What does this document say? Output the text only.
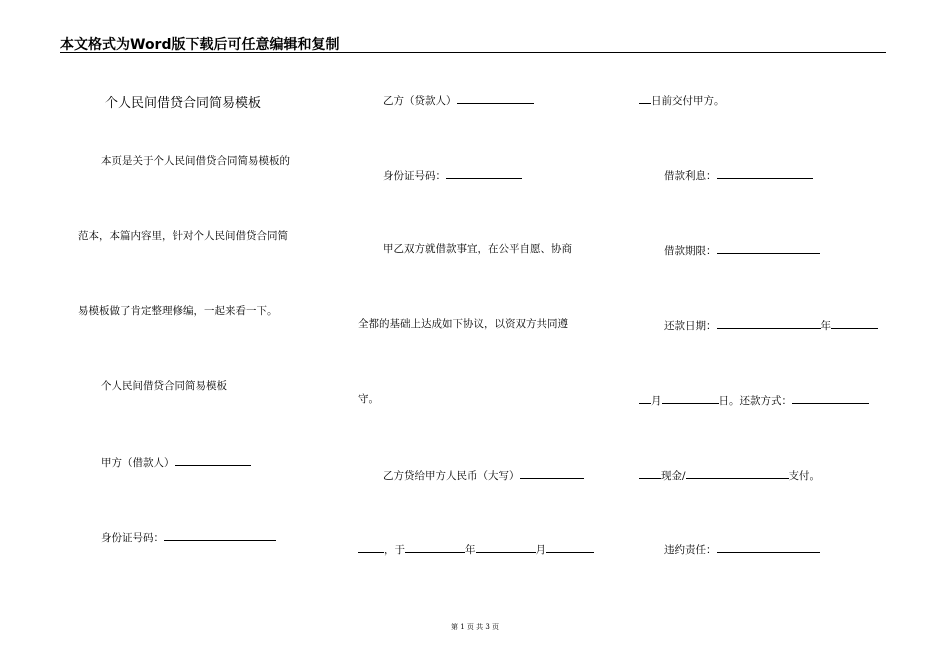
本文格式为Word版下载后可任意编辑和复制
个人民间借贷合同简易模板
本页是关于个人民间借贷合同简易模板的
范本，本篇内容里，针对个人民间借贷合同简
易模板做了肯定整理修编，一起来看一下。
个人民间借贷合同简易模板
甲方（借款人）
身份证号码：
乙方（贷款人）
身份证号码：
甲乙双方就借款事宜，在公平自愿、协商
全都的基础上达成如下协议，以资双方共同遵
守。
乙方贷给甲方人民币（大写）
，于	年	月
日前交付甲方。
借款利息：
借款期限：
还款日期：	年
月	日。还款方式：
现金/	支付。
违约责任：
第 1 页 共 3 页
